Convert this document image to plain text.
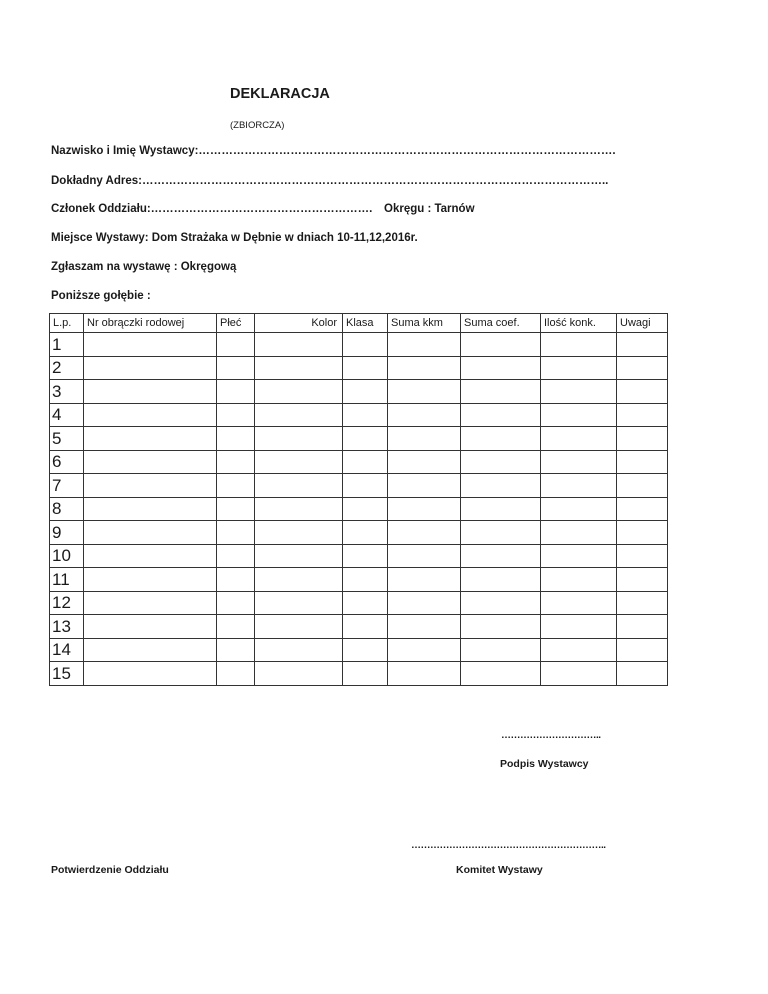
DEKLARACJA
(ZBIORCZA)
Nazwisko i Imię Wystawcy:……………………………………………………………………………………………….
Dokładny Adres:…………………………………………………………………………………………………………..
Członek Oddziału:…………………………………………………. Okręgu : Tarnów
Miejsce Wystawy: Dom Strażaka w Dębnie w dniach 10-11,12,2016r.
Zgłaszam na wystawę : Okręgową
Poniższe gołębie :
L.p.	Nr obrączki rodowej	Płeć	Kolor	Klasa	Suma kkm	Suma coef.	Ilość konk.	Uwagi
1								
2								
3								
4								
5								
6								
7								
8								
9								
10								
11								
12								
13								
14								
15								
…………………………..
Podpis Wystawcy
……………………………………………………..
Komitet Wystawy
Potwierdzenie Oddziału
